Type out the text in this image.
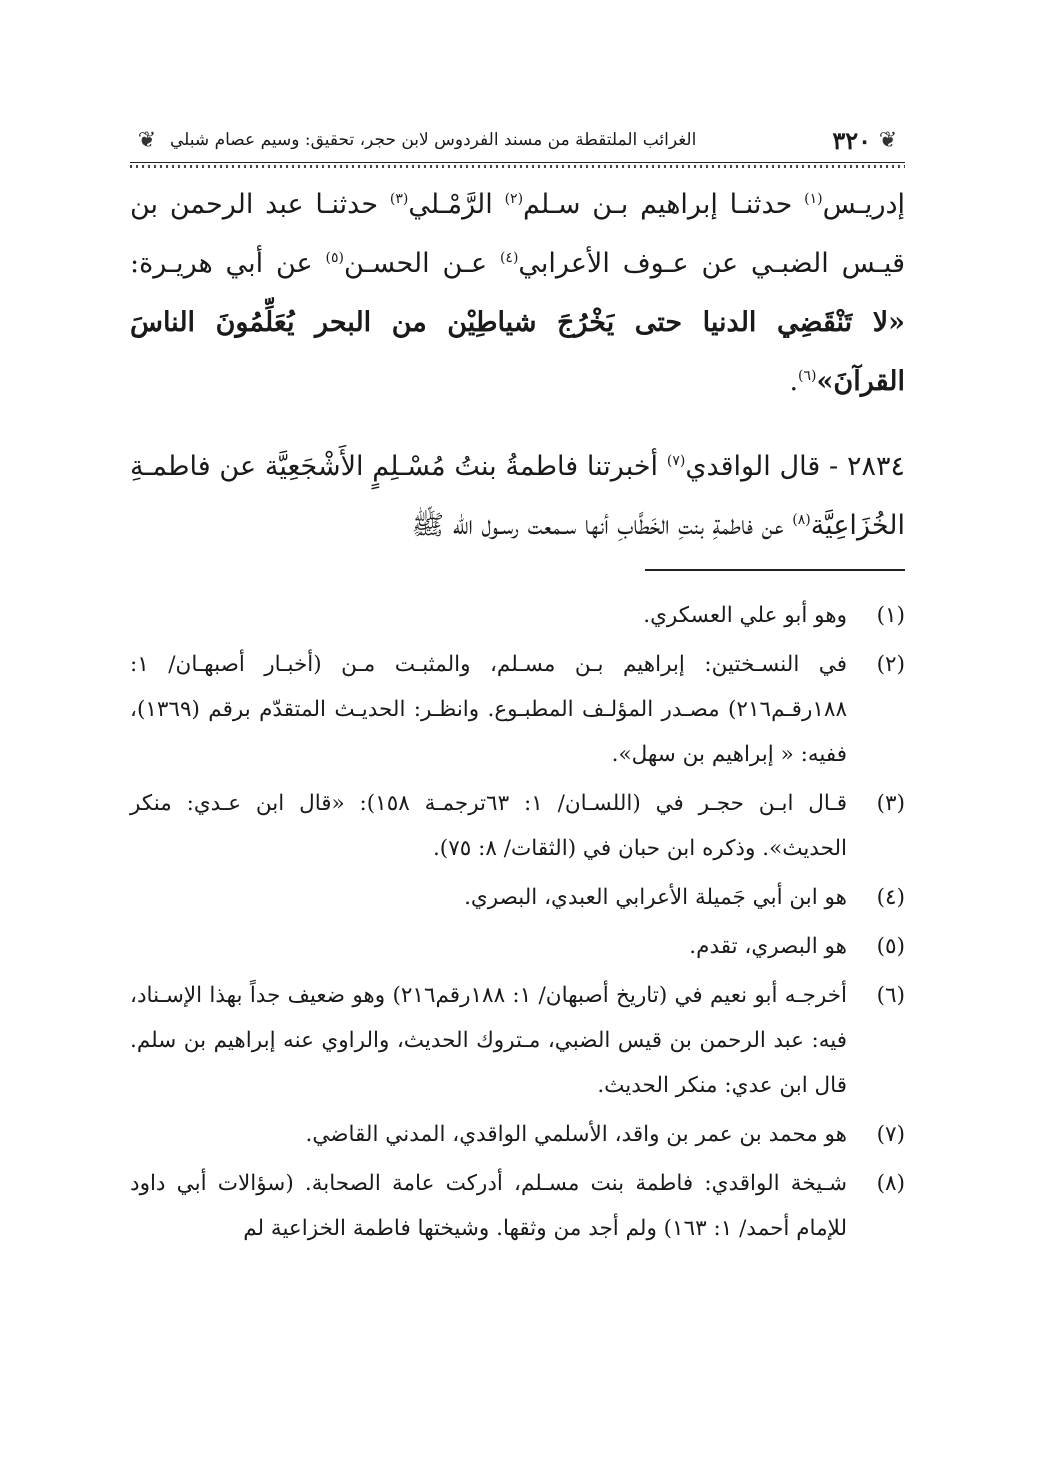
❦
٣٢٠
الغرائب الملتقطة من مسند الفردوس لابن حجر، تحقيق: وسيم عصام شبلي
❦

إدريـس$^{(١)}$ حدثنـا إبراهيم بـن سـلم$^{(٢)}$ الرَّمْـلي$^{(٣)}$ حدثنـا عبد الرحمن بن قيـس الضبـي عن عـوف الأعرابي$^{(٤)}$ عـن الحسـن$^{(٥)}$ عن أبي هريـرة: «لا تَنْقَضِي الدنيا حتى يَخْرُجَ شياطِيْن من البحر يُعَلِّمُونَ الناسَ القرآنَ»$^{(٦)}$.

٢٨٣٤ - قال الواقدي$^{(٧)}$ أخبرتنا فاطمةُ بنتُ مُسْـلِمٍ الأَشْجَعِيَّة عن فاطمـةِ الخُزَاعِيَّة$^{(٨)}$ عن فاطمةِ بنتِ الخَطَّابِ أنها سـمعت رسـول الله ﷺ

(١)
وهو أبو علي العسكري.
(٢)
في النسـختين: إبراهيم بـن مسـلم، والمثبـت مـن (أخبـار أصبهـان/ ١: ١٨٨رقـم٢١٦) مصـدر المؤلـف المطبـوع. وانظـر: الحديـث المتقدّم برقم (١٣٦٩)، ففيه: « إبراهيم بن سهل».
(٣)
قـال ابـن حجـر في (اللسـان/ ١: ٦٣ترجمـة ١٥٨): «قال ابن عـدي: منكر الحديث». وذكره ابن حبان في (الثقات/ ٨: ٧٥).
(٤)
هو ابن أبي جَميلة الأعرابي العبدي، البصري.
(٥)
هو البصري، تقدم.
(٦)
أخرجـه أبو نعيم في (تاريخ أصبهان/ ١: ١٨٨رقم٢١٦) وهو ضعيف جداً بهذا الإسـناد، فيه: عبد الرحمن بن قيس الضبي، مـتروك الحديث، والراوي عنه إبراهيم بن سلم. قال ابن عدي: منكر الحديث.
(٧)
هو محمد بن عمر بن واقد، الأسلمي الواقدي، المدني القاضي.
(٨)
شـيخة الواقدي: فاطمة بنت مسـلم، أدركت عامة الصحابة. (سؤالات أبي داود للإمام أحمد/ ١: ١٦٣) ولم أجد من وثقها. وشيختها فاطمة الخزاعية لم
